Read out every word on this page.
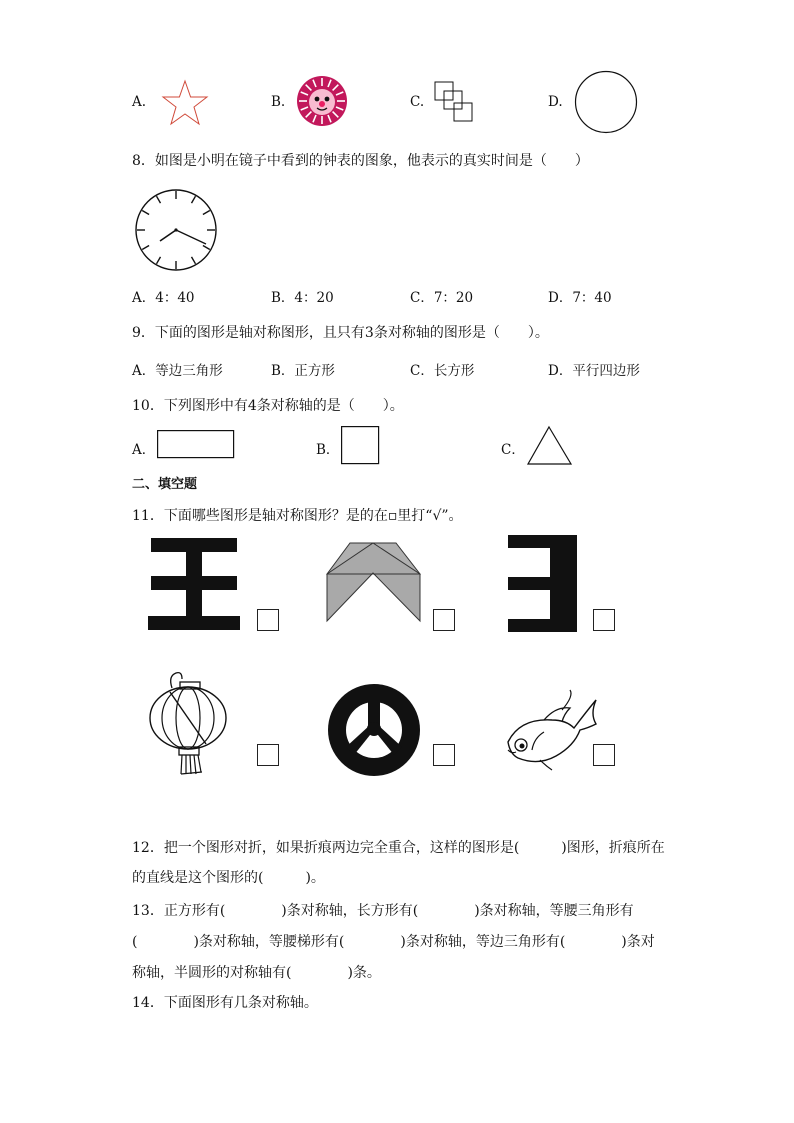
A.	B.	C.	D.
8．如图是小明在镜子中看到的钟表的图象，他表示的真实时间是（　　）
A．4：40	B．4：20	C．7：20	D．7：40
9．下面的图形是轴对称图形，且只有3条对称轴的图形是（　　）。
A．等边三角形	B．正方形	C．长方形	D．平行四边形
10．下列图形中有4条对称轴的是（　　）。
A．	B．	C．
二、填空题
11．下面哪些图形是轴对称图形？是的在▫里打“√”。
12．把一个图形对折，如果折痕两边完全重合，这样的图形是(　　　)图形，折痕所在
的直线是这个图形的(　　　)。
13．正方形有(　　　　)条对称轴，长方形有(　　　　)条对称轴，等腰三角形有
(　　　　)条对称轴，等腰梯形有(　　　　)条对称轴，等边三角形有(　　　　)条对
称轴，半圆形的对称轴有(　　　　)条。
14．下面图形有几条对称轴。
